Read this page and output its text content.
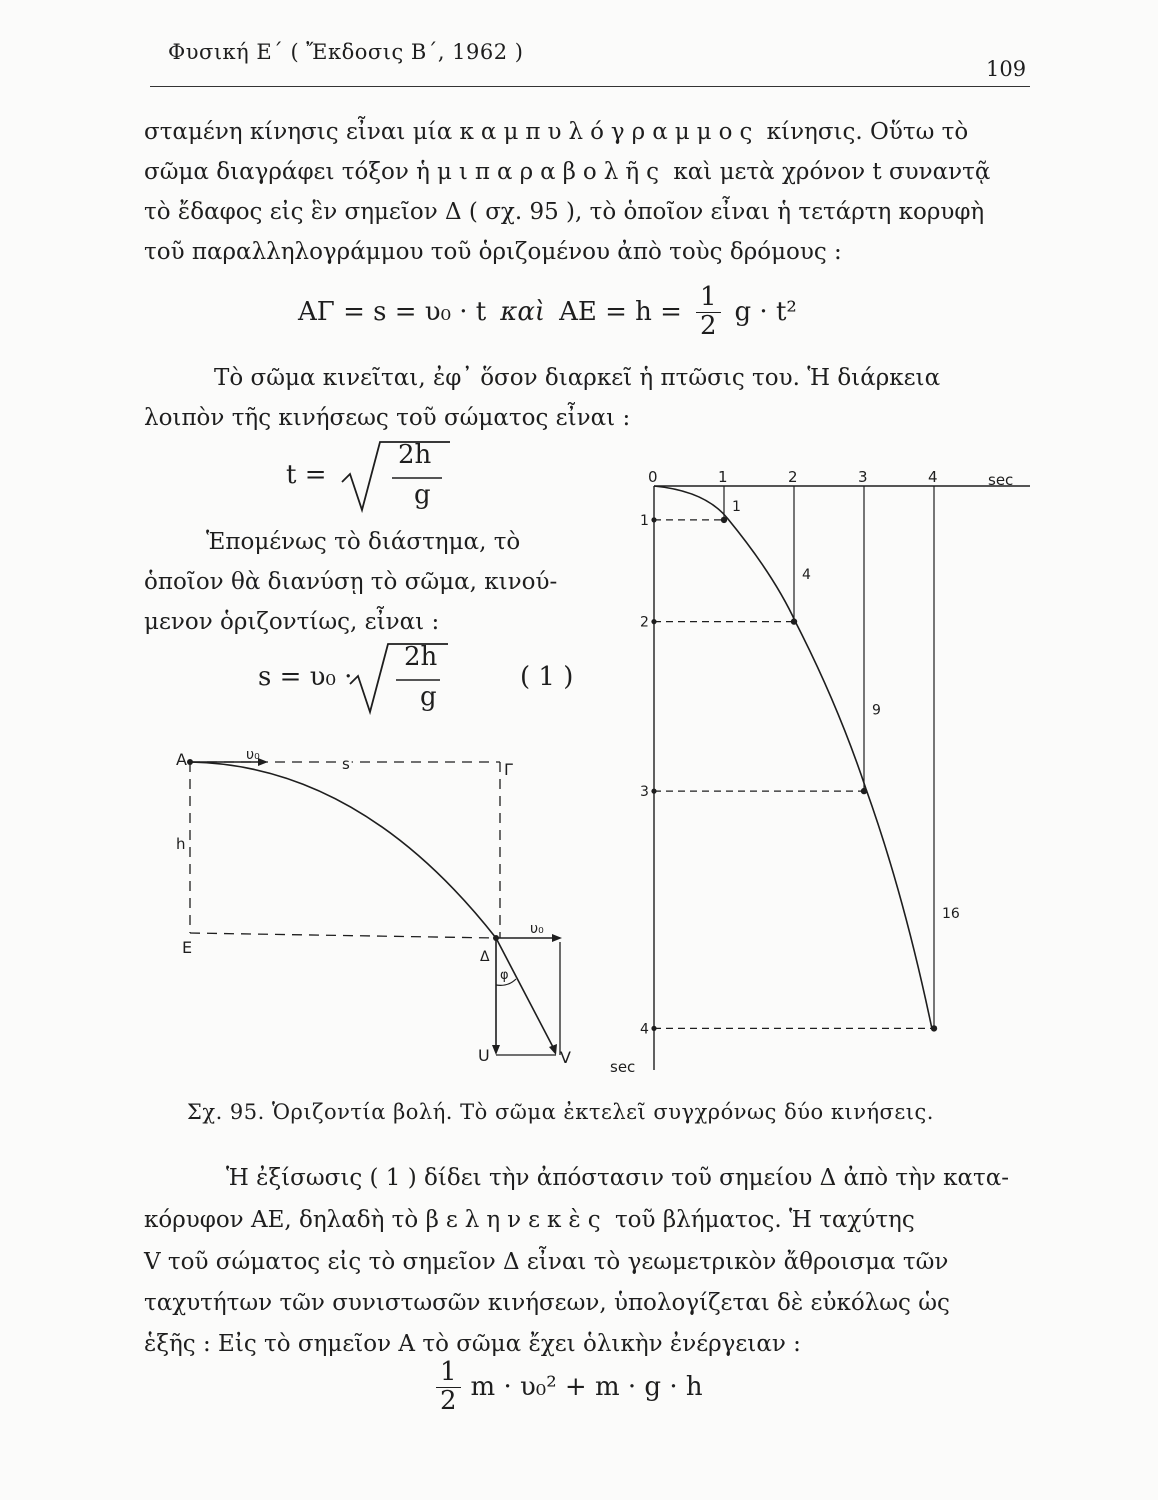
Φυσική Ε΄ ( Ἔκδοσις Β΄, 1962 )
109
σταμένη κίνησις εἶναι μία καμπυλόγραμμος κίνησις. Οὕτω τὸ
σῶμα διαγράφει τόξον ἡμιπαραβολῆς καὶ μετὰ χρόνον t συναντᾷ
τὸ ἔδαφος εἰς ἓν σημεῖον Δ ( σχ. 95 ), τὸ ὁποῖον εἶναι ἡ τετάρτη κορυφὴ
τοῦ παραλληλογράμμου τοῦ ὁριζομένου ἀπὸ τοὺς δρόμους :
ΑΓ = s = υ₀ · t καὶ $AE = h = \frac{1}{2}$ g · t²
Τὸ σῶμα κινεῖται, ἐφ᾽ ὅσον διαρκεῖ ἡ πτῶσις του. Ἡ διάρκεια
λοιπὸν τῆς κινήσεως τοῦ σώματος εἶναι :
t =
2h
g
Ἑπομένως τὸ διάστημα, τὸ
ὁποῖον θὰ διανύσῃ τὸ σῶμα, κινού-
μενον ὁριζοντίως, εἶναι :
s = υ₀ ·
2h
g
( 1 )
A	υ₀	s	Γ
h
E	Δ
υ₀
φ
U	V
0	1	2	3	4
1
1
2
4
3
9
4
16
sec
sec
Σχ. 95. Ὁριζοντία βολή. Τὸ σῶμα ἐκτελεῖ συγχρόνως δύο κινήσεις.
Ἡ ἐξίσωσις ( 1 ) δίδει τὴν ἀπόστασιν τοῦ σημείου Δ ἀπὸ τὴν κατα-
κόρυφον ΑΕ, δηλαδὴ τὸ βεληνεκὲς τοῦ βλήματος. Ἡ ταχύτης
V τοῦ σώματος εἰς τὸ σημεῖον Δ εἶναι τὸ γεωμετρικὸν ἄθροισμα τῶν
ταχυτήτων τῶν συνιστωσῶν κινήσεων, ὑπολογίζεται δὲ εὐκόλως ὡς
ἑξῆς : Εἰς τὸ σημεῖον Α τὸ σῶμα ἔχει ὁλικὴν ἐνέργειαν :
$\frac{1}{2}$ m · υ₀² + m · g · h
